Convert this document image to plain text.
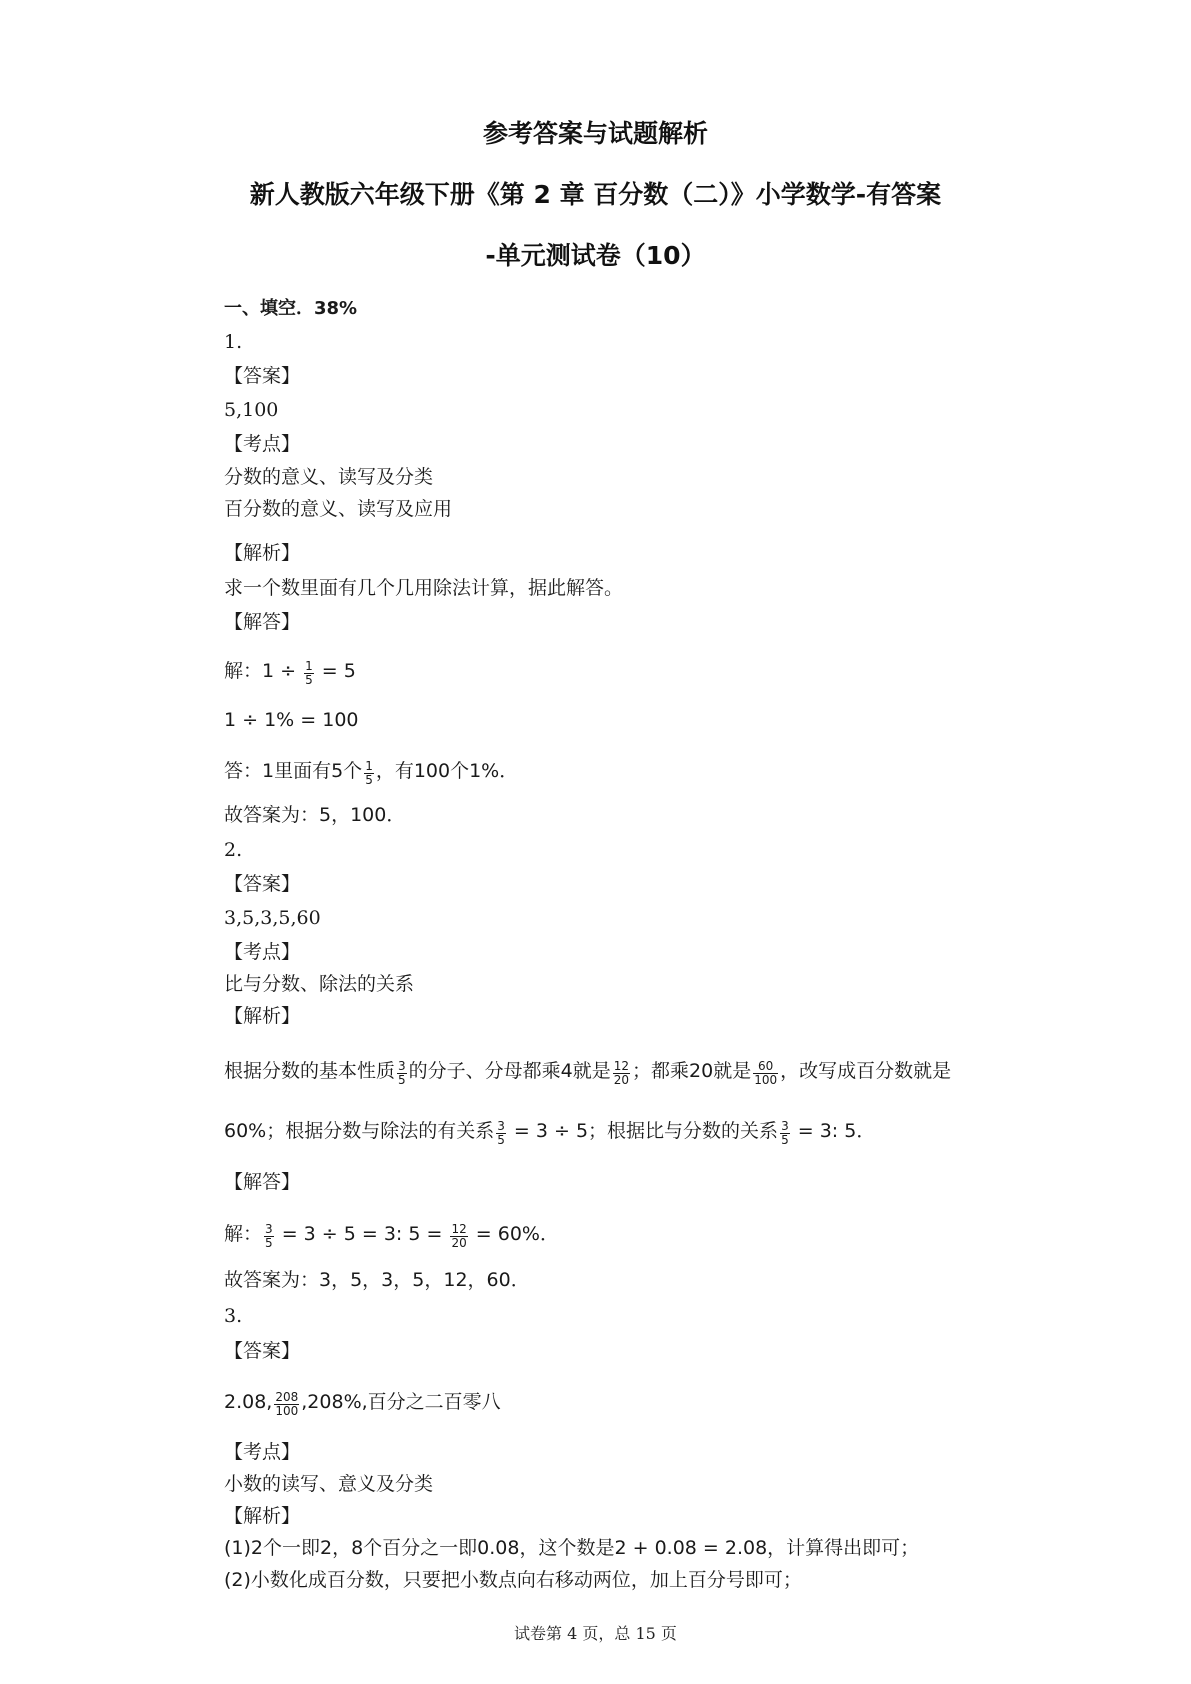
参考答案与试题解析
新人教版六年级下册《第 2 章 百分数（二）》小学数学-有答案
-单元测试卷（10）
一、填空．38%
1.
【答案】
5,100
【考点】
分数的意义、读写及分类
百分数的意义、读写及应用
【解析】
求一个数里面有几个几用除法计算，据此解答。
【解答】
解：$1 \div \frac{1}{5} = 5$
1 ÷ 1% = 100
答：1里面有5个 $\frac{1}{5}$ ，有100个1%．
故答案为：5，100．
2.
【答案】
3,5,3,5,60
【考点】
比与分数、除法的关系
【解析】
根据分数的基本性质 $\frac{3}{5}$ 的分子、分母都乘4就是 $\frac{12}{20}$ ；都乘20就是 $\frac{60}{100}$ ，改写成百分数就是
60%；根据分数与除法的有关系 $\frac{3}{5} = 3 \div 5$；根据比与分数的关系 $\frac{3}{5} = 3$: 5．
【解答】
解： $\frac{3}{5} = 3 \div 5 = 3$: $5 = \frac{12}{20} = 60\%$．
故答案为：3，5，3，5，12，60．
3.
【答案】
2.08, $\frac{208}{100} ,208\%$,百分之二百零八
【考点】
小数的读写、意义及分类
【解析】
(1)2个一即2，8个百分之一即0.08，这个数是2 + 0.08 = 2.08，计算得出即可；
(2)小数化成百分数，只要把小数点向右移动两位，加上百分号即可；
试卷第 4 页，总 15 页
